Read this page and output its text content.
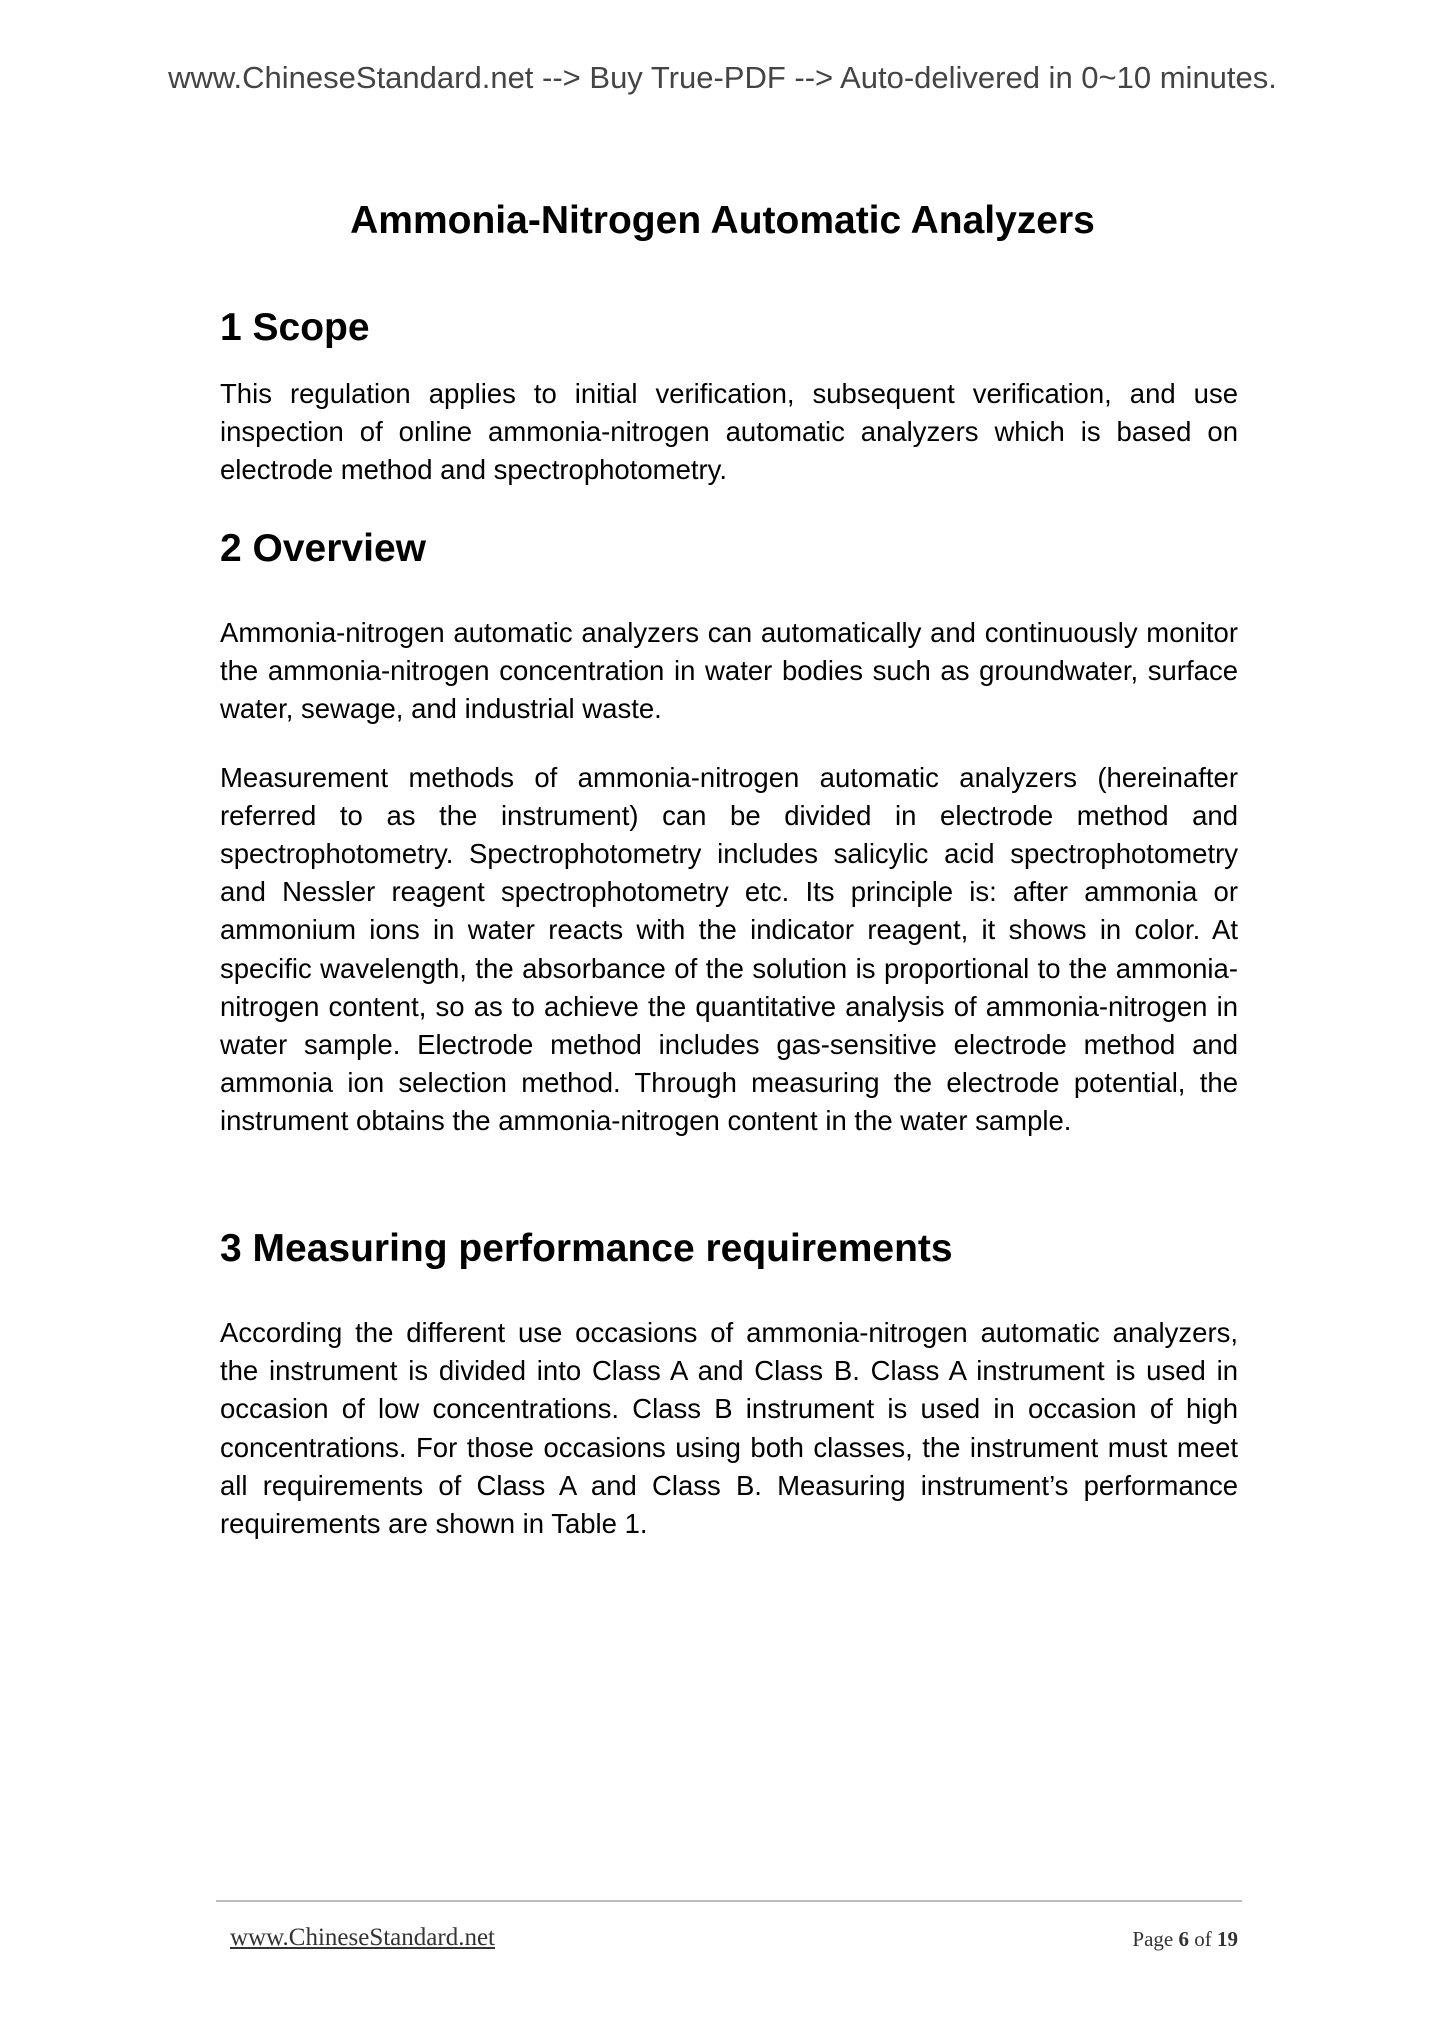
www.ChineseStandard.net --> Buy True-PDF --> Auto-delivered in 0~10 minutes.
Ammonia-Nitrogen Automatic Analyzers
1 Scope

This regulation applies to initial verification, subsequent verification, and use inspection of online ammonia-nitrogen automatic analyzers which is based on electrode method and spectrophotometry.

2 Overview

Ammonia-nitrogen automatic analyzers can automatically and continuously monitor the ammonia-nitrogen concentration in water bodies such as groundwater, surface water, sewage, and industrial waste.

Measurement methods of ammonia-nitrogen automatic analyzers (hereinafter referred to as the instrument) can be divided in electrode method and spectrophotometry. Spectrophotometry includes salicylic acid spectrophotometry and Nessler reagent spectrophotometry etc. Its principle is: after ammonia or ammonium ions in water reacts with the indicator reagent, it shows in color. At specific wavelength, the absorbance of the solution is proportional to the ammonia-nitrogen content, so as to achieve the quantitative analysis of ammonia-nitrogen in water sample. Electrode method includes gas-sensitive electrode method and ammonia ion selection method. Through measuring the electrode potential, the instrument obtains the ammonia-nitrogen content in the water sample.

3 Measuring performance requirements

According the different use occasions of ammonia-nitrogen automatic analyzers, the instrument is divided into Class A and Class B. Class A instrument is used in occasion of low concentrations. Class B instrument is used in occasion of high concentrations. For those occasions using both classes, the instrument must meet all requirements of Class A and Class B. Measuring instrument’s performance requirements are shown in Table 1.

www.ChineseStandard.net	Page 6 of 19
